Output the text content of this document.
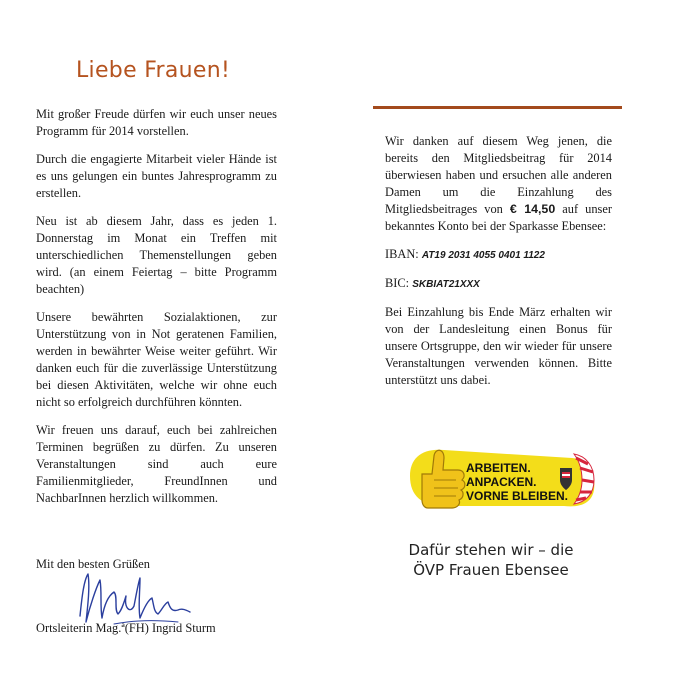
Liebe Frauen!

Mit großer Freude dürfen wir euch unser neues Programm für 2014 vorstellen.

Durch die engagierte Mitarbeit vieler Hände ist es uns gelungen ein buntes Jahresprogramm zu erstellen.

Neu ist ab diesem Jahr, dass es jeden 1. Donnerstag im Monat ein Treffen mit unterschiedlichen Themenstellungen geben wird. (an einem Feiertag – bitte Programm beachten)

Unsere bewährten Sozialaktionen, zur Unterstützung von in Not geratenen Familien, werden in bewährter Weise weiter geführt. Wir danken euch für die zuverlässige Unterstützung bei diesen Aktivitäten, welche wir ohne euch nicht so erfolgreich durchführen könnten.

Wir freuen uns darauf, euch bei zahlreichen Terminen begrüßen zu dürfen. Zu unseren Veranstaltungen sind auch eure Familienmitglieder, FreundInnen und NachbarInnen herzlich willkommen.

Mit den besten Grüßen
Ortsleiterin Mag.ª(FH) Ingrid Sturm

Wir danken auf diesem Weg jenen, die bereits den Mitgliedsbeitrag für 2014 überwiesen haben und ersuchen alle anderen Damen um die Einzahlung des Mitgliedsbeitrages von € 14,50 auf unser bekanntes Konto bei der Sparkasse Ebensee:

IBAN: AT19 2031 4055 0401 1122

BIC: SKBIAT21XXX

Bei Einzahlung bis Ende März erhalten wir von der Landesleitung einen Bonus für unsere Ortsgruppe, den wir wieder für unsere Veranstaltungen verwenden können. Bitte unterstützt uns dabei.

ARBEITEN.
ANPACKEN.
VORNE BLEIBEN.
Dafür stehen wir – die
ÖVP Frauen Ebensee
